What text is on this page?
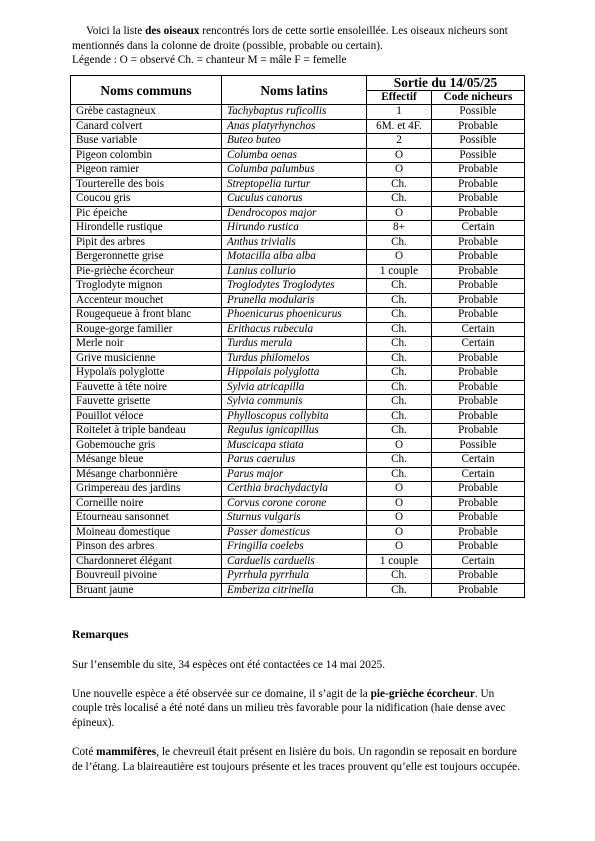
Voici la liste des oiseaux rencontrés lors de cette sortie ensoleillée. Les oiseaux nicheurs sont mentionnés dans la colonne de droite (possible, probable ou certain).

Légende : O = observé Ch. = chanteur M = mâle F = femelle

Noms communs	Noms latins	Sortie du 14/05/25	
		Effectif	Code nicheurs
Grèbe castagneux	Tachybaptus ruficollis	1	Possible
Canard colvert	Anas platyrhynchos	6M. et 4F.	Probable
Buse variable	Buteo buteo	2	Possible
Pigeon colombin	Columba oenas	O	Possible
Pigeon ramier	Columba palumbus	O	Probable
Tourterelle des bois	Streptopelia turtur	Ch.	Probable
Coucou gris	Cuculus canorus	Ch.	Probable
Pic épeiche	Dendrocopos major	O	Probable
Hirondelle rustique	Hirundo rustica	8+	Certain
Pipit des arbres	Anthus trivialis	Ch.	Probable
Bergeronnette grise	Motacilla alba alba	O	Probable
Pie-grièche écorcheur	Lanius collurio	1 couple	Probable
Troglodyte mignon	Troglodytes Troglodytes	Ch.	Probable
Accenteur mouchet	Prunella modularis	Ch.	Probable
Rougequeue à front blanc	Phoenicurus phoenicurus	Ch.	Probable
Rouge-gorge familier	Erithacus rubecula	Ch.	Certain
Merle noir	Turdus merula	Ch.	Certain
Grive musicienne	Turdus philomelos	Ch.	Probable
Hypolaïs polyglotte	Hippolais polyglotta	Ch.	Probable
Fauvette à tête noire	Sylvia atricapilla	Ch.	Probable
Fauvette grisette	Sylvia communis	Ch.	Probable
Pouillot véloce	Phylloscopus collybita	Ch.	Probable
Roitelet à triple bandeau	Regulus ignicapillus	Ch.	Probable
Gobemouche gris	Muscicapa stiata	O	Possible
Mésange bleue	Parus caerulus	Ch.	Certain
Mésange charbonnière	Parus major	Ch.	Certain
Grimpereau des jardins	Certhia brachydactyla	O	Probable
Corneille noire	Corvus corone corone	O	Probable
Etourneau sansonnet	Sturnus vulgaris	O	Probable
Moineau domestique	Passer domesticus	O	Probable
Pinson des arbres	Fringilla coelebs	O	Probable
Chardonneret élégant	Carduelis carduelis	1 couple	Certain
Bouvreuil pivoine	Pyrrhula pyrrhula	Ch.	Probable
Bruant jaune	Emberiza citrinella	Ch.	Probable
Remarques

Sur l’ensemble du site, 34 espèces ont été contactées ce 14 mai 2025.

Une nouvelle espèce a été observée sur ce domaine, il s’agit de la pie-grièche écorcheur. Un couple très localisé a été noté dans un milieu très favorable pour la nidification (haie dense avec épineux).

Coté mammifères, le chevreuil était présent en lisière du bois. Un ragondin se reposait en bordure de l’étang. La blaireautière est toujours présente et les traces prouvent qu’elle est toujours occupée.
